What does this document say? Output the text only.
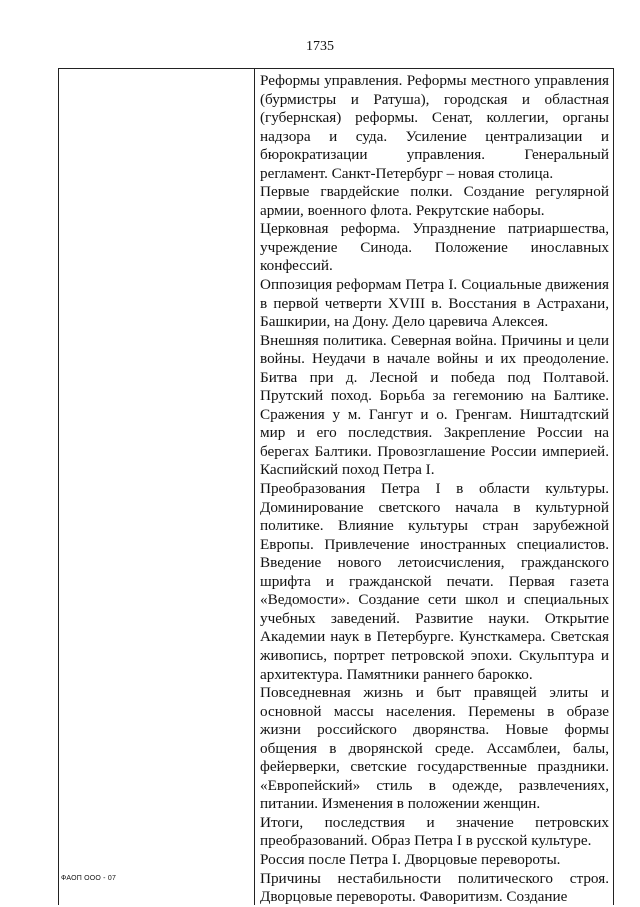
1735

Реформы управления. Реформы местного управления (бурмистры и Ратуша), городская и областная (губернская) реформы. Сенат, коллегии, органы надзора и суда. Усиление централизации и бюрократизации управления. Генеральный регламент. Санкт-Петербург – новая столица.

Первые гвардейские полки. Создание регулярной армии, военного флота. Рекрутские наборы.

Церковная реформа. Упразднение патриаршества, учреждение Синода. Положение инославных конфессий.

Оппозиция реформам Петра I. Социальные движения в первой четверти XVIII в. Восстания в Астрахани, Башкирии, на Дону. Дело царевича Алексея.

Внешняя политика. Северная война. Причины и цели войны. Неудачи в начале войны и их преодоление. Битва при д. Лесной и победа под Полтавой. Прутский поход. Борьба за гегемонию на Балтике. Сражения у м. Гангут и о. Гренгам. Ништадтский мир и его последствия. Закрепление России на берегах Балтики. Провозглашение России империей. Каспийский поход Петра I.

Преобразования Петра I в области культуры. Доминирование светского начала в культурной политике. Влияние культуры стран зарубежной Европы. Привлечение иностранных специалистов. Введение нового летоисчисления, гражданского шрифта и гражданской печати. Первая газета «Ведомости». Создание сети школ и специальных учебных заведений. Развитие науки. Открытие Академии наук в Петербурге. Кунсткамера. Светская живопись, портрет петровской эпохи. Скульптура и архитектура. Памятники раннего барокко.

Повседневная жизнь и быт правящей элиты и основной массы населения. Перемены в образе жизни российского дворянства. Новые формы общения в дворянской среде. Ассамблеи, балы, фейерверки, светские государственные праздники. «Европейский» стиль в одежде, развлечениях, питании. Изменения в положении женщин.

Итоги, последствия и значение петровских преобразований. Образ Петра I в русской культуре.

Россия после Петра I. Дворцовые перевороты.

Причины нестабильности политического строя. Дворцовые перевороты. Фаворитизм. Создание

ФАОП ООО - 07
